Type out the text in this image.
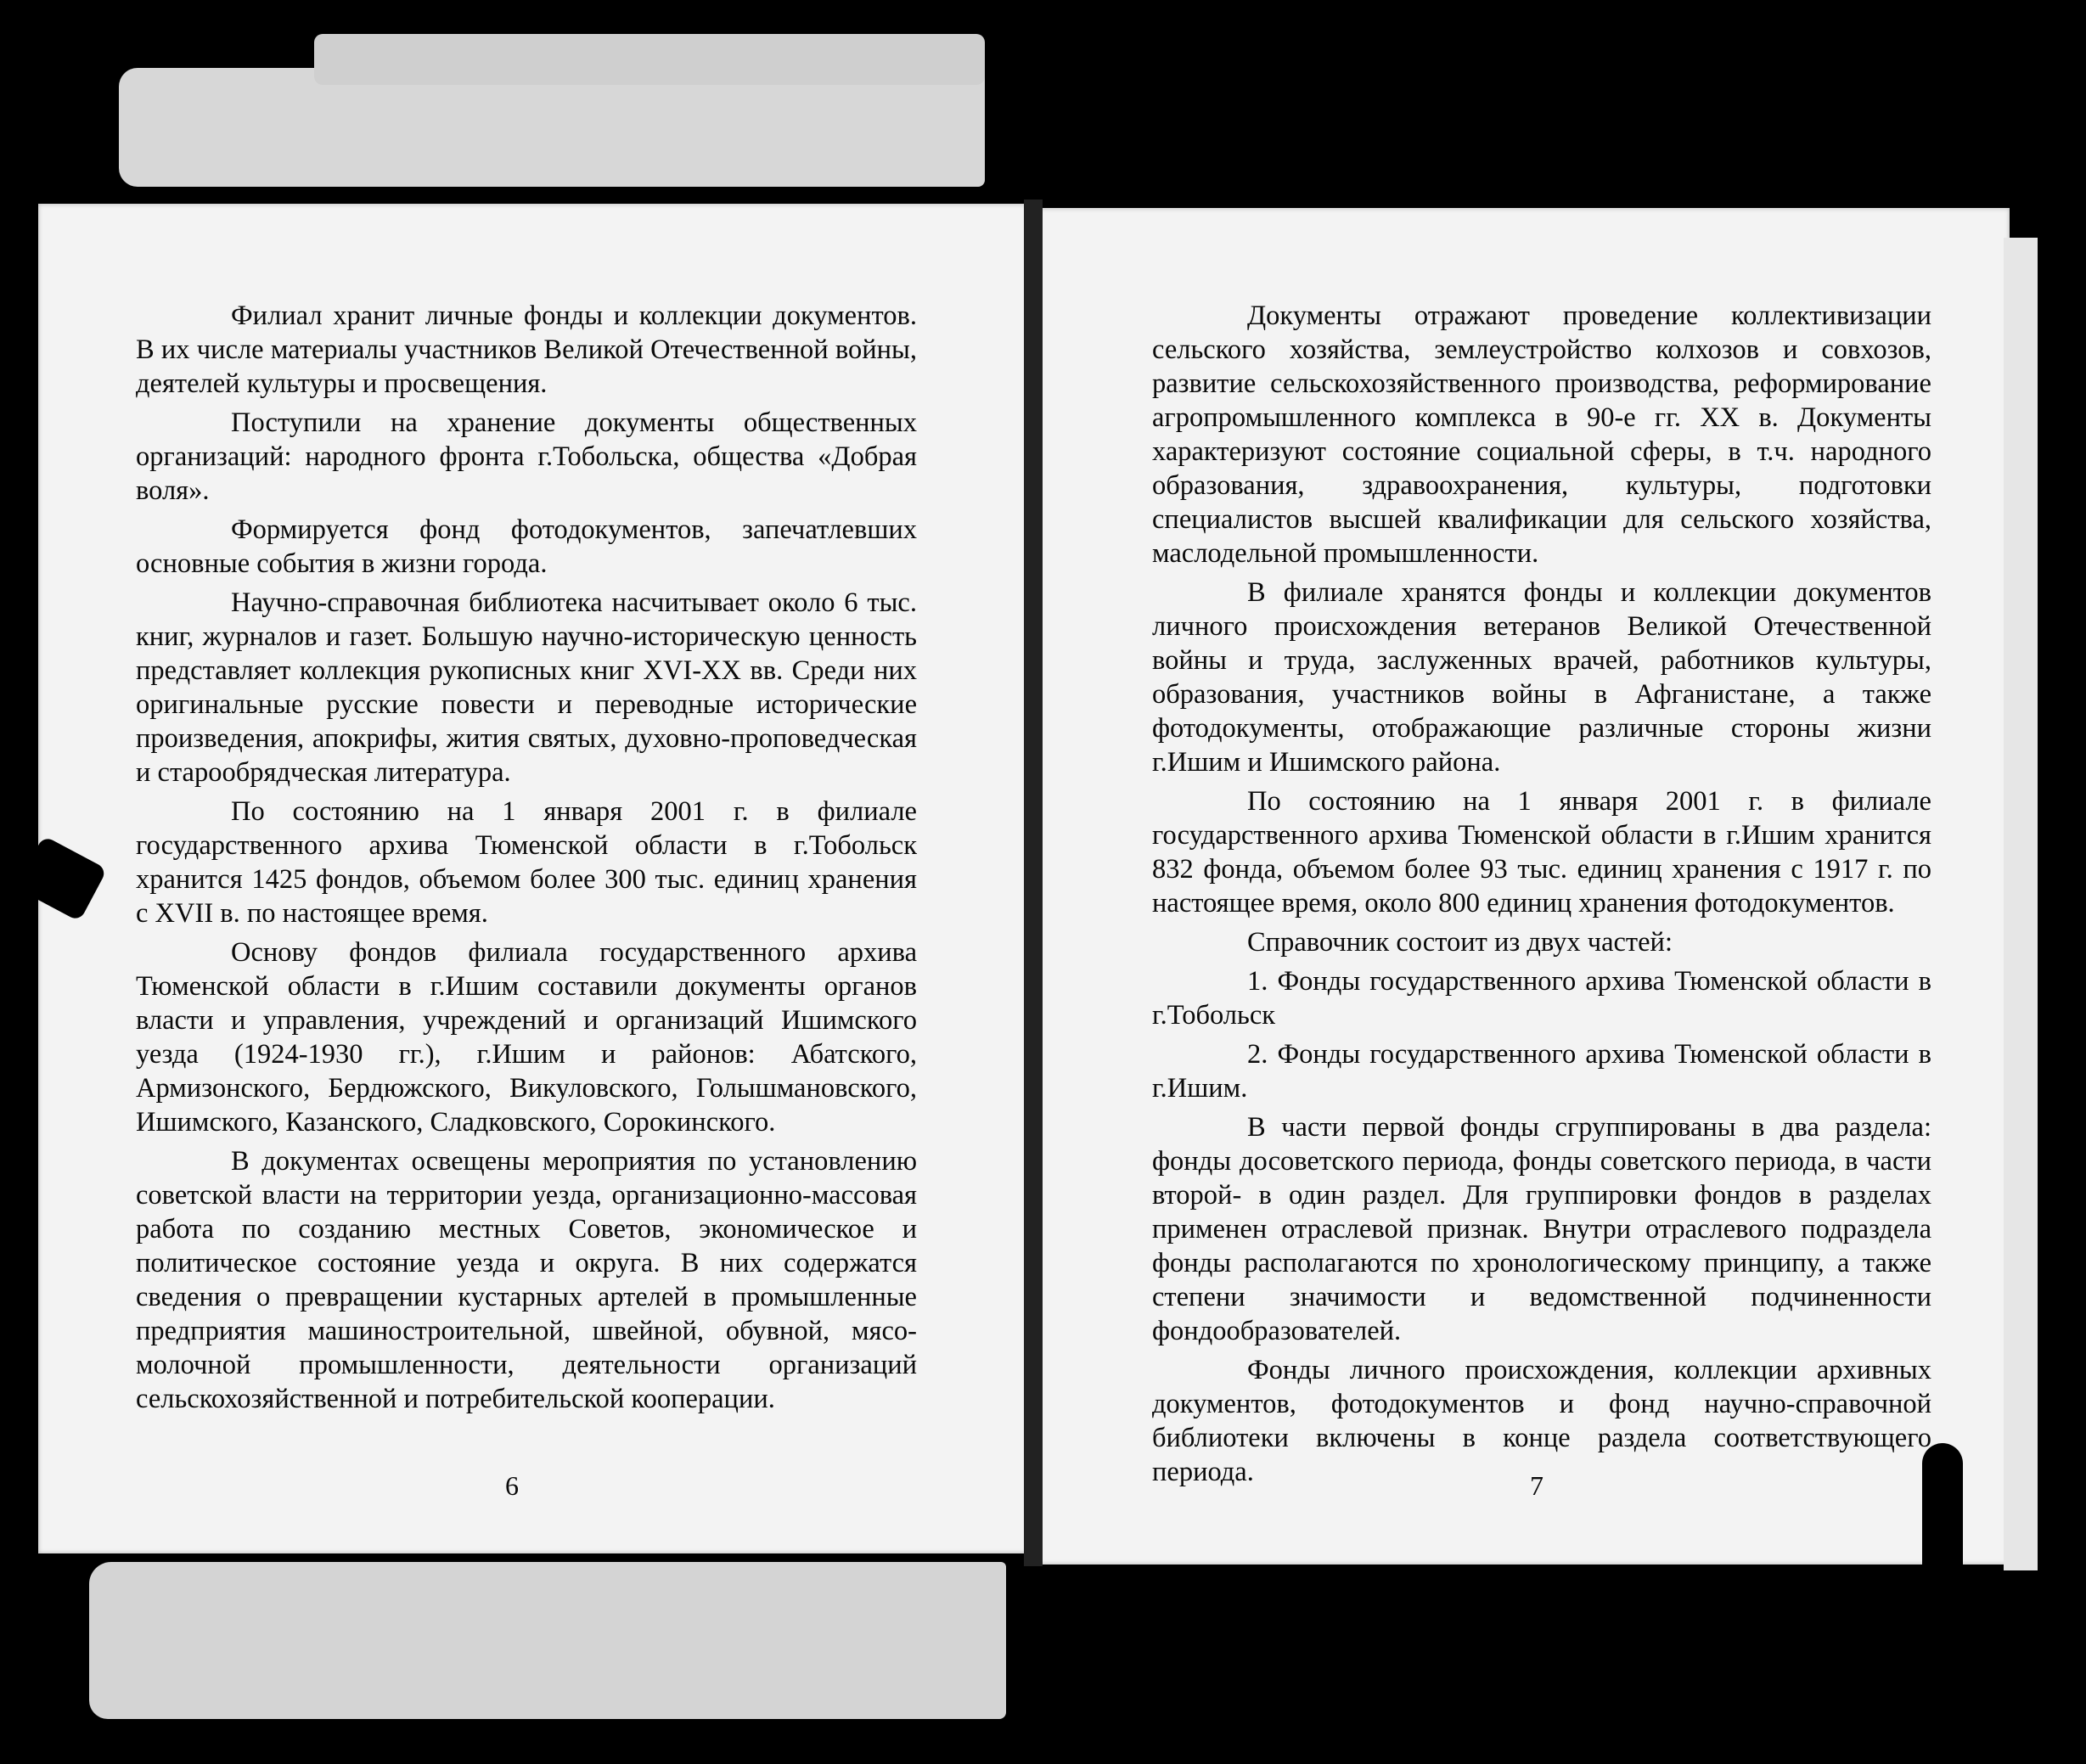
Филиал хранит личные фонды и коллекции документов. В их числе материалы участников Великой Отечественной войны, деятелей культуры и просвещения.

Поступили на хранение документы общественных организаций: народного фронта г.Тобольска, общества «Добрая воля».

Формируется фонд фотодокументов, запечатлевших основные события в жизни города.

Научно-справочная библиотека насчитывает около 6 тыс. книг, журналов и газет. Большую научно-историческую ценность представляет коллекция рукописных книг XVI-XX вв. Среди них оригинальные русские повести и переводные исторические произведения, апокрифы, жития святых, духовно-проповедческая и старообрядческая литература.

По состоянию на 1 января 2001 г. в филиале государственного архива Тюменской области в г.Тобольск хранится 1425 фондов, объемом более 300 тыс. единиц хранения с XVII в. по настоящее время.

Основу фондов филиала государственного архива Тюменской области в г.Ишим составили документы органов власти и управления, учреждений и организаций Ишимского уезда (1924-1930 гг.), г.Ишим и районов: Абатского, Армизонского, Бердюжского, Викуловского, Голышмановского, Ишимского, Казанского, Сладковского, Сорокинского.

В документах освещены мероприятия по установлению советской власти на территории уезда, организационно-массовая работа по созданию местных Советов, экономическое и политическое состояние уезда и округа. В них содержатся сведения о превращении кустарных артелей в промышленные предприятия машиностроительной, швейной, обувной, мясо-молочной промышленности, деятельности организаций сельскохозяйственной и потребительской кооперации.

Документы отражают проведение коллективизации сельского хозяйства, землеустройство колхозов и совхозов, развитие сельскохозяйственного производства, реформирование агропромышленного комплекса в 90-е гг. XX в. Документы характеризуют состояние социальной сферы, в т.ч. народного образования, здравоохранения, культуры, подготовки специалистов высшей квалификации для сельского хозяйства, маслодельной промышленности.

В филиале хранятся фонды и коллекции документов личного происхождения ветеранов Великой Отечественной войны и труда, заслуженных врачей, работников культуры, образования, участников войны в Афганистане, а также фотодокументы, отображающие различные стороны жизни г.Ишим и Ишимского района.

По состоянию на 1 января 2001 г. в филиале государственного архива Тюменской области в г.Ишим хранится 832 фонда, объемом более 93 тыс. единиц хранения с 1917 г. по настоящее время, около 800 единиц хранения фотодокументов.

Справочник состоит из двух частей:

1. Фонды государственного архива Тюменской области в г.Тобольск

2. Фонды государственного архива Тюменской области в г.Ишим.

В части первой фонды сгруппированы в два раздела: фонды досоветского периода, фонды советского периода, в части второй- в один раздел. Для группировки фондов в разделах применен отраслевой признак. Внутри отраслевого подраздела фонды располагаются по хронологическому принципу, а также степени значимости и ведомственной подчиненности фондообразователей.

Фонды личного происхождения, коллекции архивных документов, фотодокументов и фонд научно-справочной библиотеки включены в конце раздела соответствующего периода.

6	7
